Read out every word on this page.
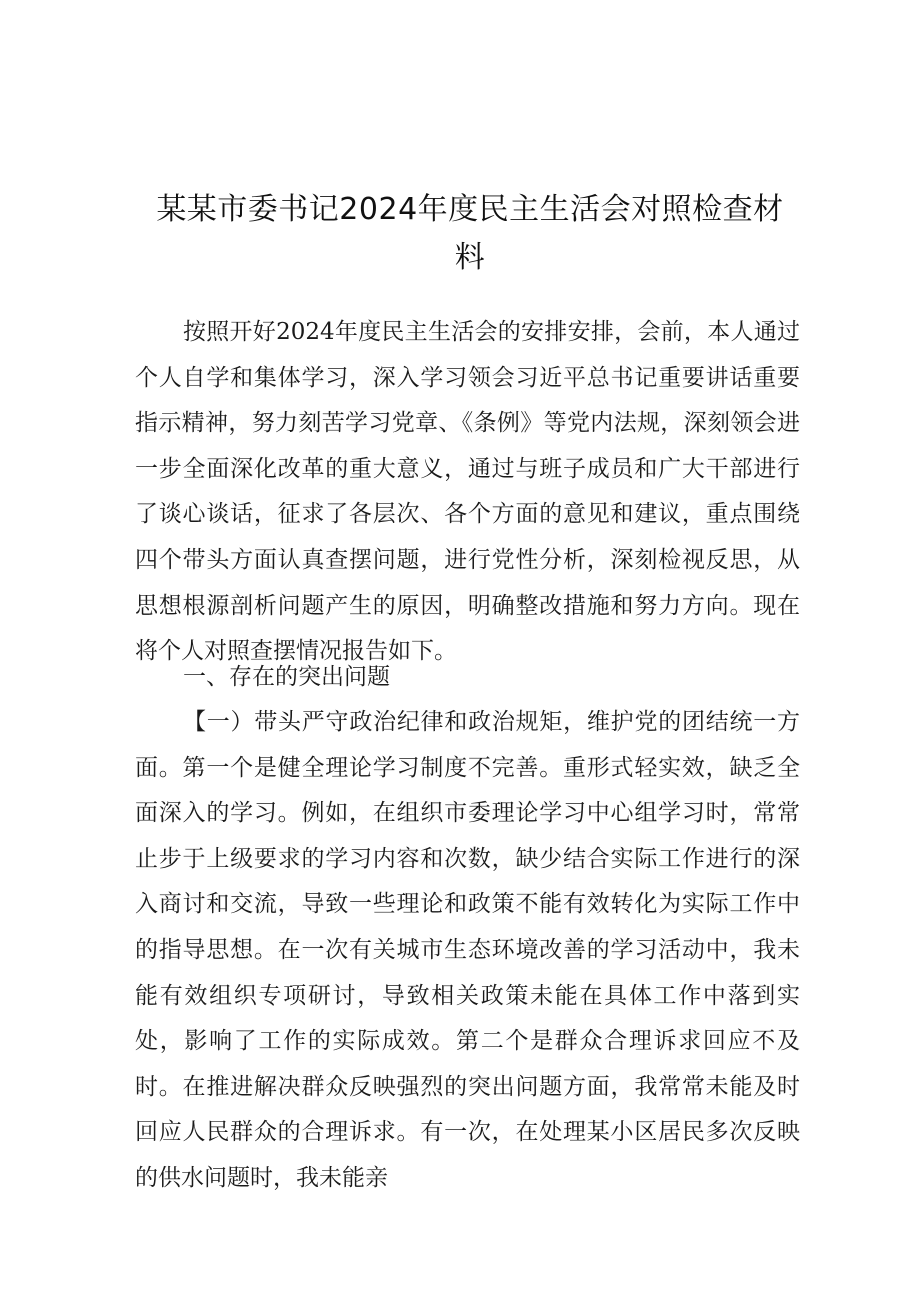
某某市委书记2024年度民主生活会对照检查材料

按照开好2024年度民主生活会的安排安排，会前，本人通过个人自学和集体学习，深入学习领会习近平总书记重要讲话重要指示精神，努力刻苦学习党章、《条例》等党内法规，深刻领会进一步全面深化改革的重大意义，通过与班子成员和广大干部进行了谈心谈话，征求了各层次、各个方面的意见和建议，重点围绕四个带头方面认真查摆问题，进行党性分析，深刻检视反思，从思想根源剖析问题产生的原因，明确整改措施和努力方向。现在将个人对照查摆情况报告如下。

一、存在的突出问题

【一）带头严守政治纪律和政治规矩，维护党的团结统一方面。第一个是健全理论学习制度不完善。重形式轻实效，缺乏全面深入的学习。例如，在组织市委理论学习中心组学习时，常常止步于上级要求的学习内容和次数，缺少结合实际工作进行的深入商讨和交流，导致一些理论和政策不能有效转化为实际工作中的指导思想。在一次有关城市生态环境改善的学习活动中，我未能有效组织专项研讨，导致相关政策未能在具体工作中落到实处，影响了工作的实际成效。第二个是群众合理诉求回应不及时。在推进解决群众反映强烈的突出问题方面，我常常未能及时回应人民群众的合理诉求。有一次，在处理某小区居民多次反映的供水问题时，我未能亲
